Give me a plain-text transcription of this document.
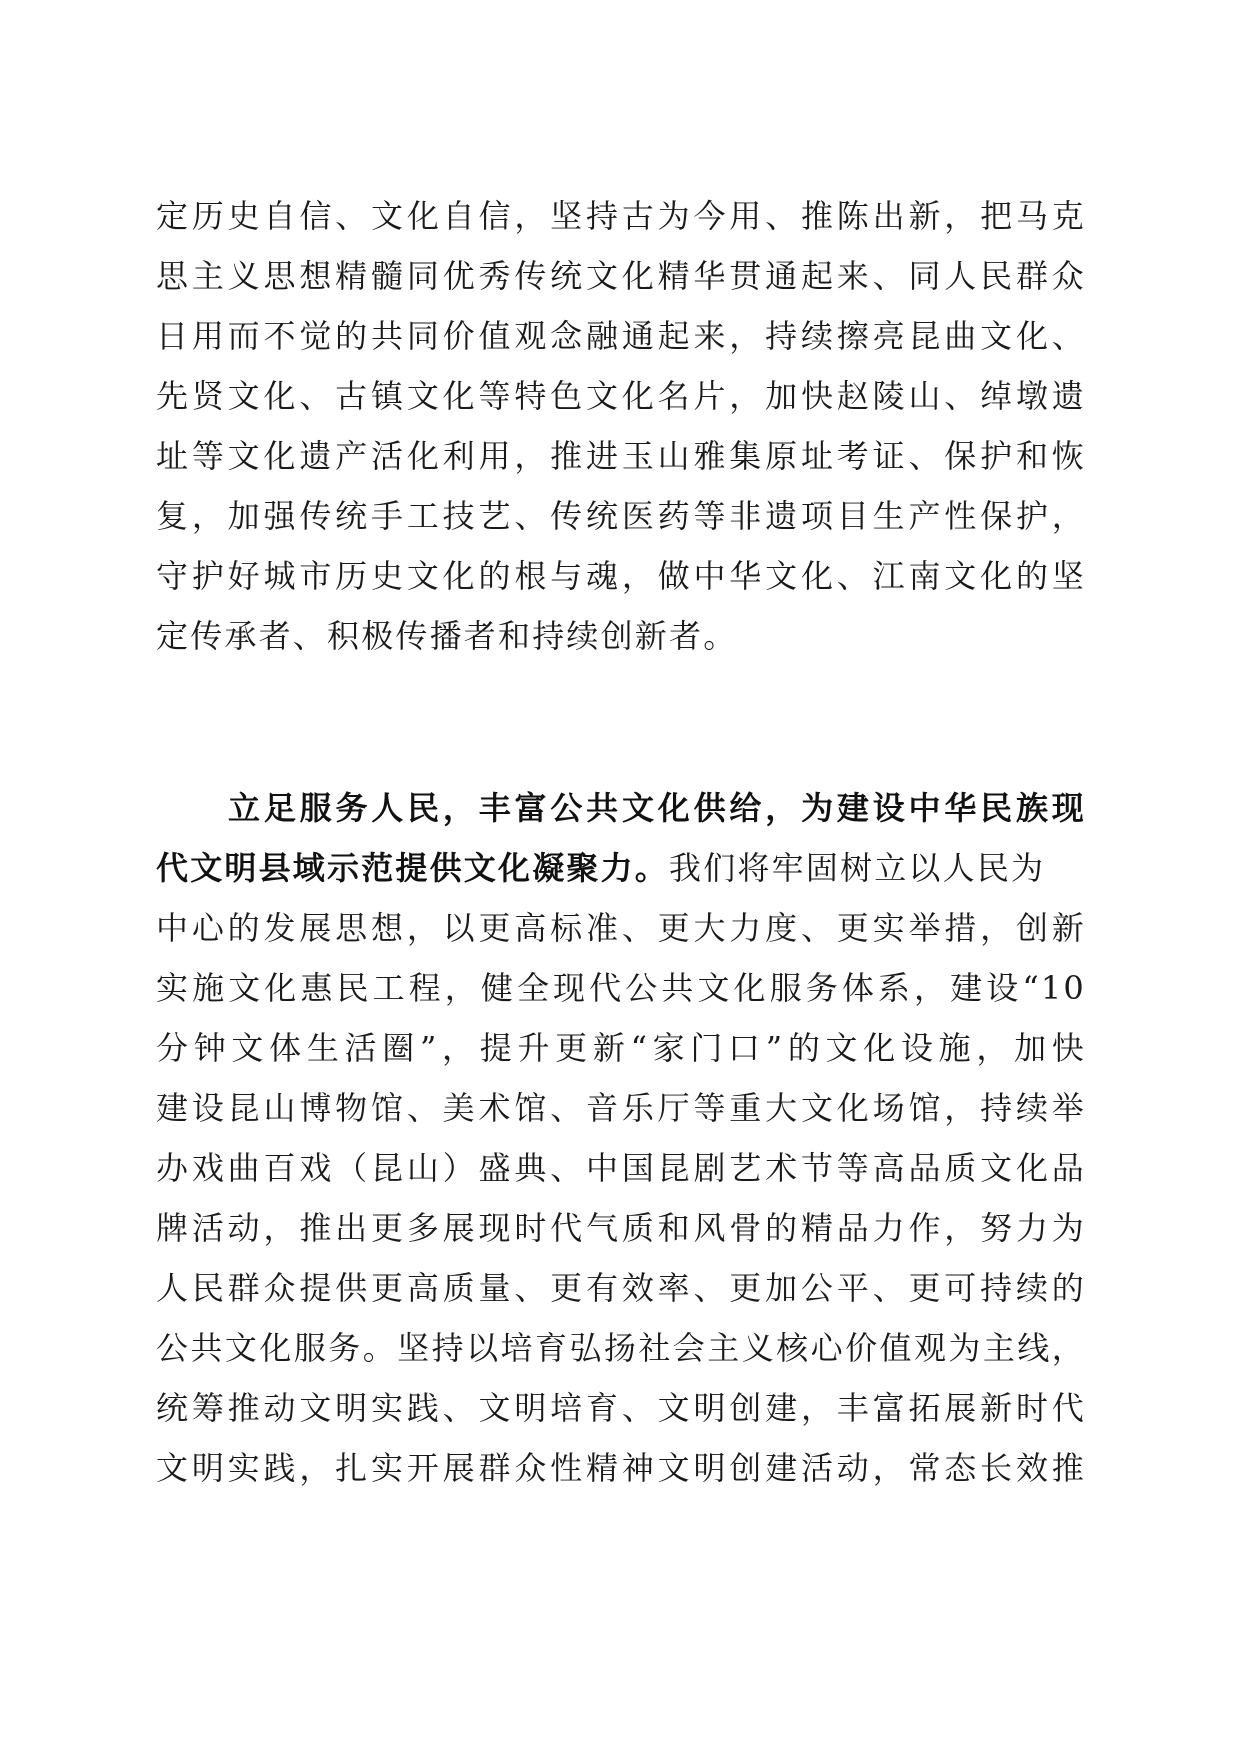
定历史自信、文化自信，坚持古为今用、推陈出新，把马克
思主义思想精髓同优秀传统文化精华贯通起来、同人民群众
日用而不觉的共同价值观念融通起来，持续擦亮昆曲文化、
先贤文化、古镇文化等特色文化名片，加快赵陵山、绰墩遗
址等文化遗产活化利用，推进玉山雅集原址考证、保护和恢
复，加强传统手工技艺、传统医药等非遗项目生产性保护，
守护好城市历史文化的根与魂，做中华文化、江南文化的坚
定传承者、积极传播者和持续创新者。
立足服务人民，丰富公共文化供给，为建设中华民族现
代文明县域示范提供文化凝聚力。我们将牢固树立以人民为
中心的发展思想，以更高标准、更大力度、更实举措，创新
实施文化惠民工程，健全现代公共文化服务体系，建设“10
分钟文体生活圈”，提升更新“家门口”的文化设施，加快
建设昆山博物馆、美术馆、音乐厅等重大文化场馆，持续举
办戏曲百戏（昆山）盛典、中国昆剧艺术节等高品质文化品
牌活动，推出更多展现时代气质和风骨的精品力作，努力为
人民群众提供更高质量、更有效率、更加公平、更可持续的
公共文化服务。坚持以培育弘扬社会主义核心价值观为主线，
统筹推动文明实践、文明培育、文明创建，丰富拓展新时代
文明实践，扎实开展群众性精神文明创建活动，常态长效推
